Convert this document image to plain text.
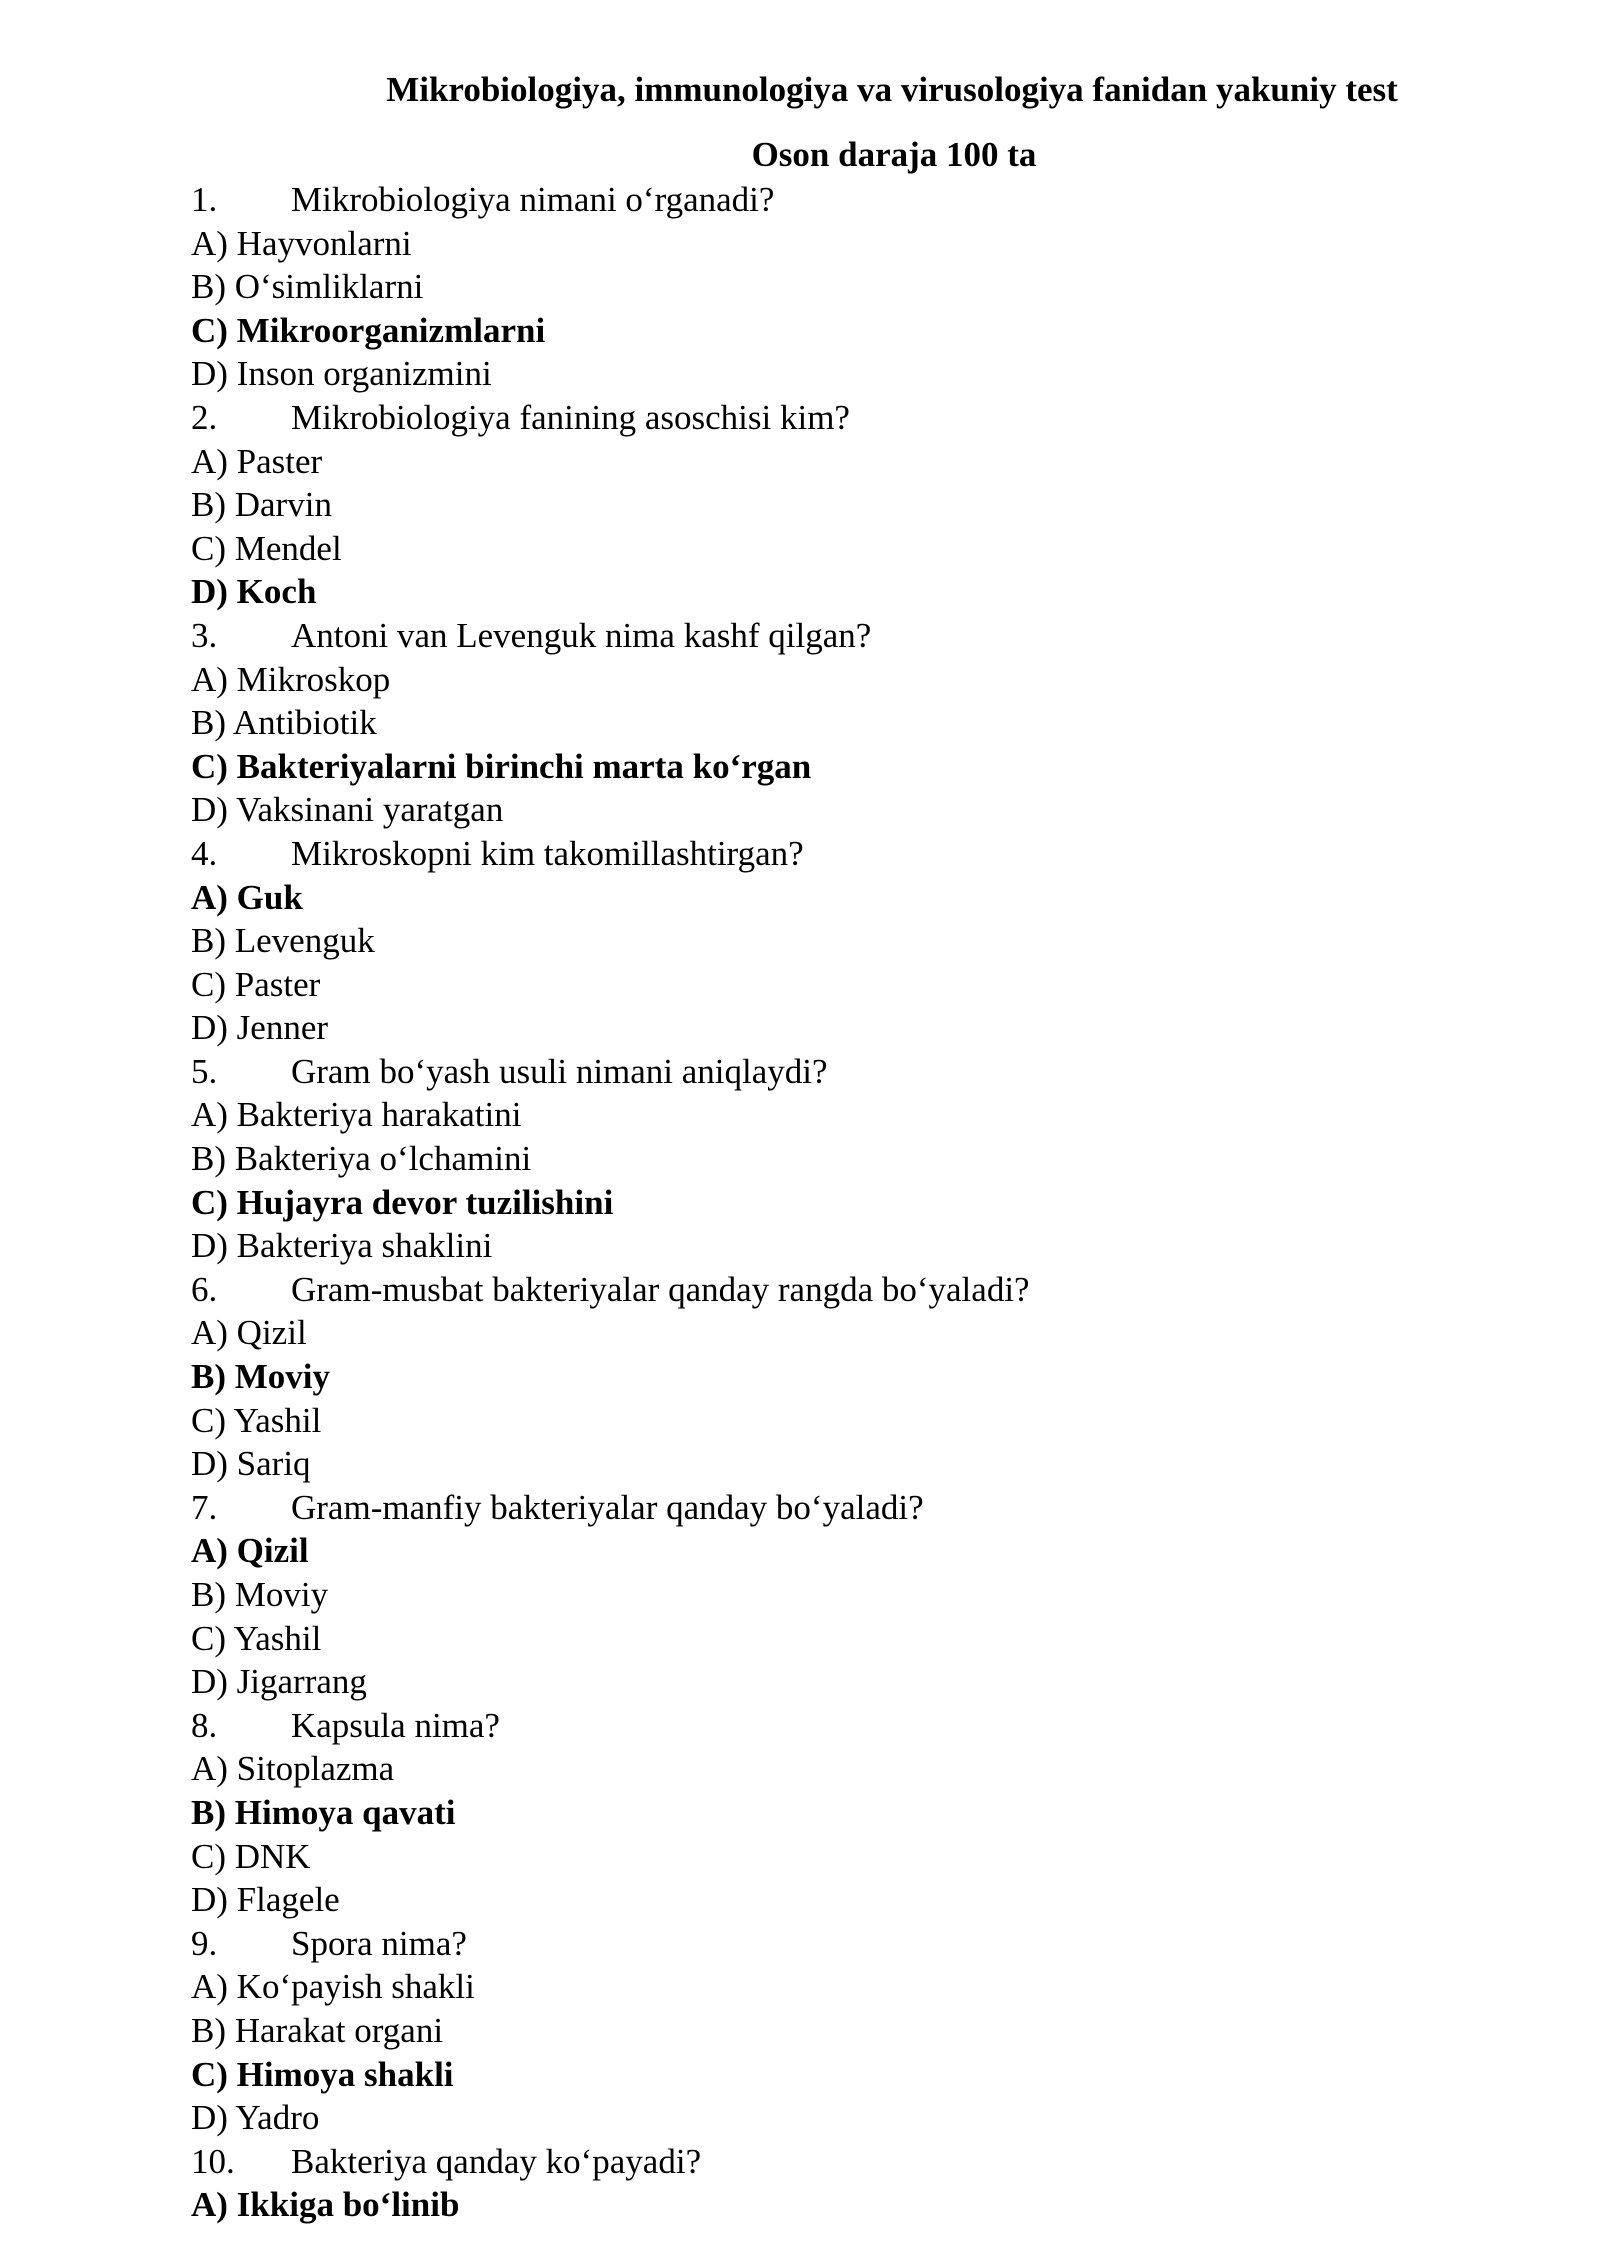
Mikrobiologiya, immunologiya va virusologiya fanidan yakuniy test
Oson daraja 100 ta
1. Mikrobiologiya nimani o‘rganadi?
A) Hayvonlarni
B) O‘simliklarni
C) Mikroorganizmlarni
D) Inson organizmini
2. Mikrobiologiya fanining asoschisi kim?
A) Paster
B) Darvin
C) Mendel
D) Koch
3. Antoni van Levenguk nima kashf qilgan?
A) Mikroskop
B) Antibiotik
C) Bakteriyalarni birinchi marta ko‘rgan
D) Vaksinani yaratgan
4. Mikroskopni kim takomillashtirgan?
A) Guk
B) Levenguk
C) Paster
D) Jenner
5. Gram bo‘yash usuli nimani aniqlaydi?
A) Bakteriya harakatini
B) Bakteriya o‘lchamini
C) Hujayra devor tuzilishini
D) Bakteriya shaklini
6. Gram-musbat bakteriyalar qanday rangda bo‘yaladi?
A) Qizil
B) Moviy
C) Yashil
D) Sariq
7. Gram-manfiy bakteriyalar qanday bo‘yaladi?
A) Qizil
B) Moviy
C) Yashil
D) Jigarrang
8. Kapsula nima?
A) Sitoplazma
B) Himoya qavati
C) DNK
D) Flagele
9. Spora nima?
A) Ko‘payish shakli
B) Harakat organi
C) Himoya shakli
D) Yadro
10. Bakteriya qanday ko‘payadi?
A) Ikkiga bo‘linib
